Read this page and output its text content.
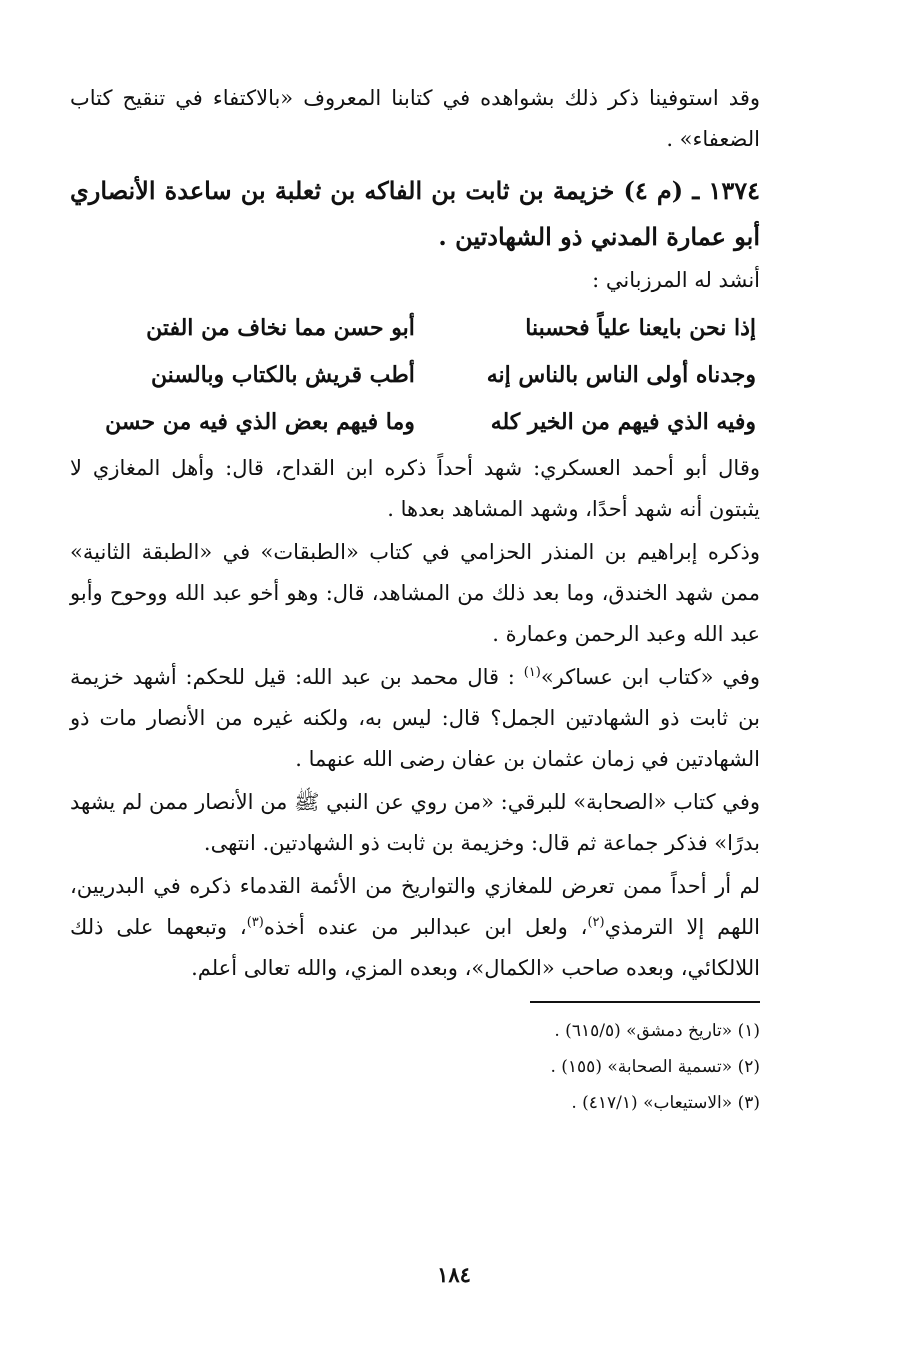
وقد استوفينا ذكر ذلك بشواهده في كتابنا المعروف «بالاكتفاء في تنقيح كتاب الضعفاء» .

١٣٧٤ ـ (م ٤) خزيمة بن ثابت بن الفاكه بن ثعلبة بن ساعدة الأنصاري أبو عمارة المدني ذو الشهادتين .

أنشد له المرزباني :

إذا نحن بايعنا علياً فحسبنا
أبو حسن مما نخاف من الفتن
وجدناه أولى الناس بالناس إنه
أطب قريش بالكتاب وبالسنن
وفيه الذي فيهم من الخير كله
وما فيهم بعض الذي فيه من حسن

وقال أبو أحمد العسكري: شهد أحداً ذكره ابن القداح، قال: وأهل المغازي لا يثبتون أنه شهد أحدًا، وشهد المشاهد بعدها .

وذكره إبراهيم بن المنذر الحزامي في كتاب «الطبقات» في «الطبقة الثانية» ممن شهد الخندق، وما بعد ذلك من المشاهد، قال: وهو أخو عبد الله ووحوح وأبو عبد الله وعبد الرحمن وعمارة .

وفي «كتاب ابن عساكر»$^{(١)}$ : قال محمد بن عبد الله: قيل للحكم: أشهد خزيمة بن ثابت ذو الشهادتين الجمل؟ قال: ليس به، ولكنه غيره من الأنصار مات ذو الشهادتين في زمان عثمان بن عفان رضى الله عنهما .

وفي كتاب «الصحابة» للبرقي: «من روي عن النبي ﷺ من الأنصار ممن لم يشهد بدرًا» فذكر جماعة ثم قال: وخزيمة بن ثابت ذو الشهادتين. انتهى.

لم أر أحداً ممن تعرض للمغازي والتواريخ من الأئمة القدماء ذكره في البدريين، اللهم إلا الترمذي$^{(٢)}$، ولعل ابن عبدالبر من عنده أخذه$^{(٣)}$، وتبعهما على ذلك اللالكائي، وبعده صاحب «الكمال»، وبعده المزي، والله تعالى أعلم.

(١) «تاريخ دمشق» (٦١٥/٥) .

(٢) «تسمية الصحابة» (١٥٥) .

(٣) «الاستيعاب» (٤١٧/١) .

١٨٤
